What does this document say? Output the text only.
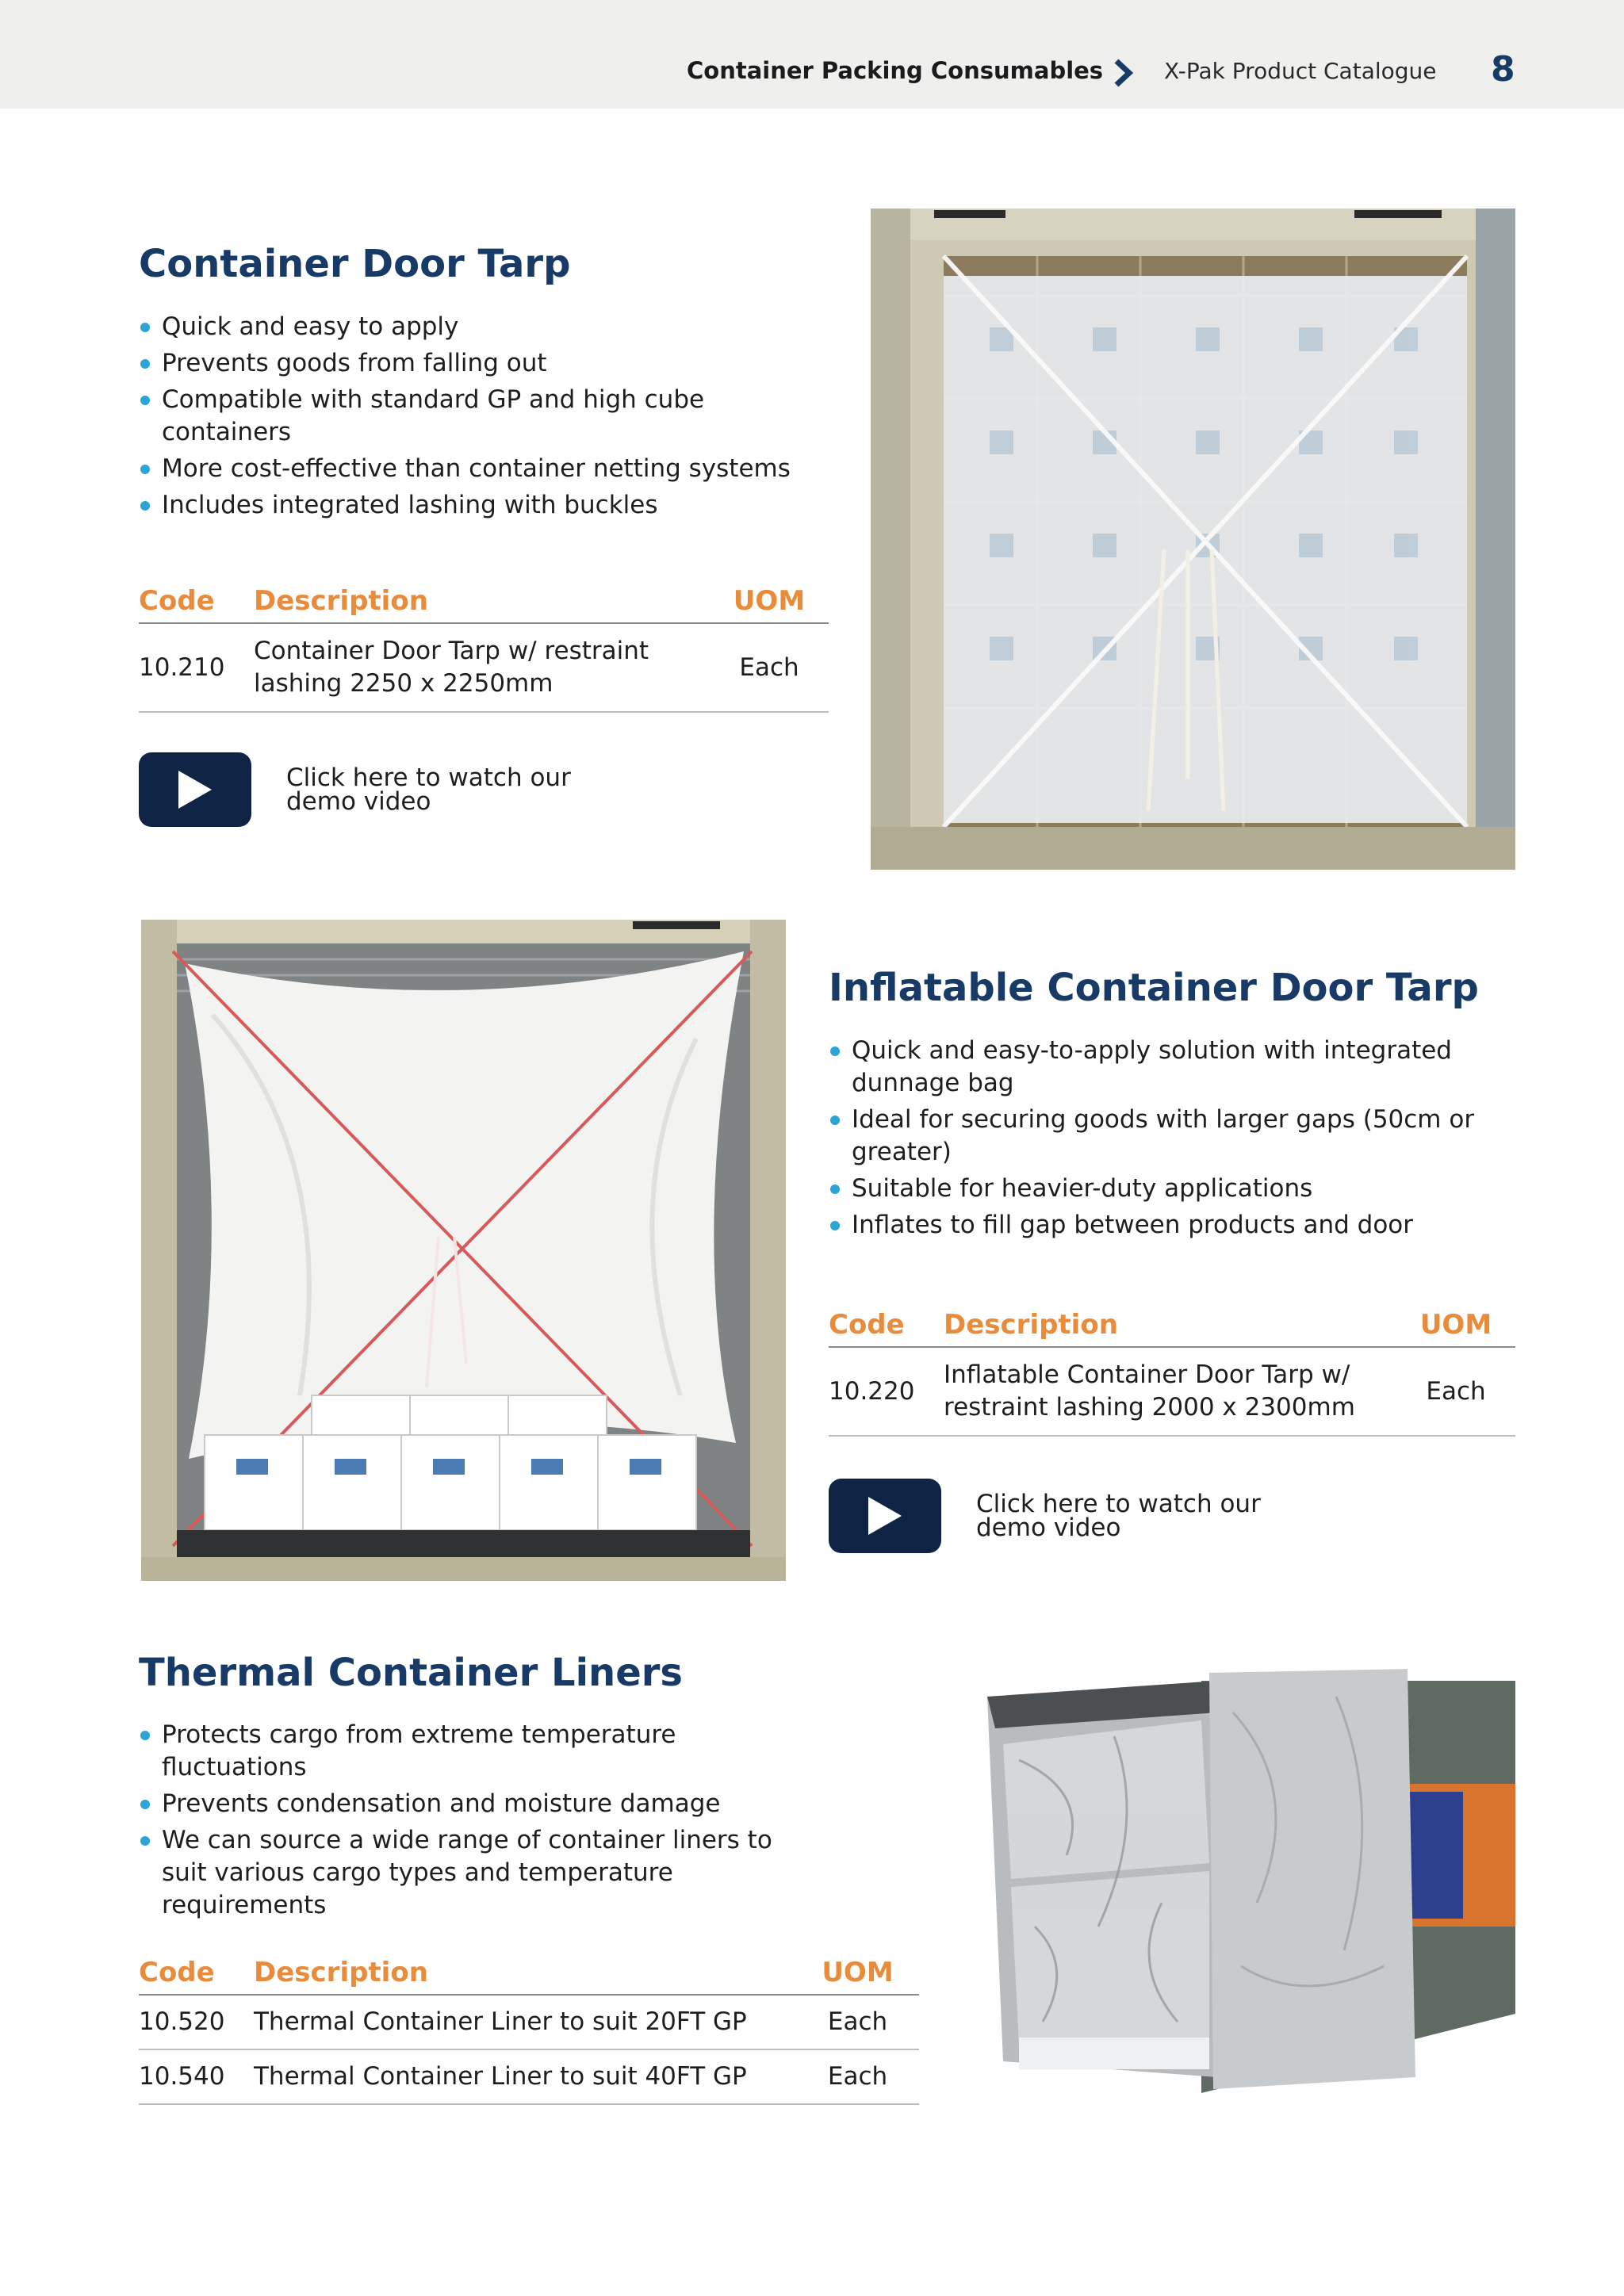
Container Packing Consumables	X-Pak Product Catalogue 8
Container Door Tarp
Quick and easy to apply
Prevents goods from falling out
Compatible with standard GP and high cube containers
More cost-effective than container netting systems
Includes integrated lashing with buckles
Code	Description	UOM
10.210	Container Door Tarp w/ restraint lashing 2250 x 2250mm	Each
Click here to watch our demo video
Inflatable Container Door Tarp
Quick and easy-to-apply solution with integrated dunnage bag
Ideal for securing goods with larger gaps (50cm or greater)
Suitable for heavier-duty applications
Inflates to fill gap between products and door
Code	Description	UOM
10.220	Inflatable Container Door Tarp w/ restraint lashing 2000 x 2300mm	Each
Click here to watch our demo video
Thermal Container Liners
Protects cargo from extreme temperature fluctuations
Prevents condensation and moisture damage
We can source a wide range of container liners to suit various cargo types and temperature requirements
Code	Description	UOM
10.520	Thermal Container Liner to suit 20FT GP	Each
10.540	Thermal Container Liner to suit 40FT GP	Each
